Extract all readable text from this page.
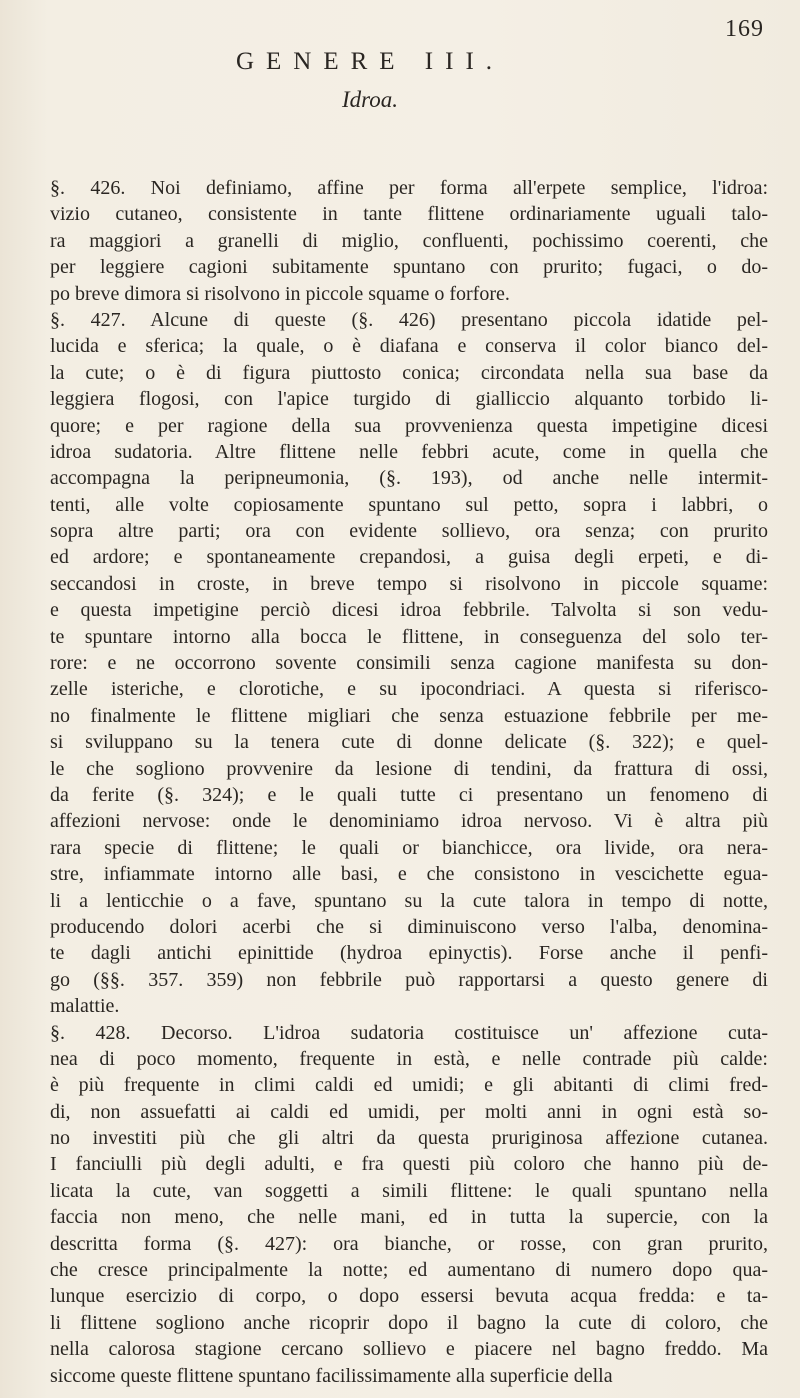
169
GENERE III.
Idroa.
§. 426. Noi definiamo, affine per forma all'erpete semplice, l'idroa:
vizio cutaneo, consistente in tante flittene ordinariamente uguali talo-
ra maggiori a granelli di miglio, confluenti, pochissimo coerenti, che
per leggiere cagioni subitamente spuntano con prurito; fugaci, o do-
po breve dimora si risolvono in piccole squame o forfore.
§. 427. Alcune di queste (§. 426) presentano piccola idatide pel-
lucida e sferica; la quale, o è diafana e conserva il color bianco del-
la cute; o è di figura piuttosto conica; circondata nella sua base da
leggiera flogosi, con l'apice turgido di gialliccio alquanto torbido li-
quore; e per ragione della sua provvenienza questa impetigine dicesi
idroa sudatoria. Altre flittene nelle febbri acute, come in quella che
accompagna la peripneumonia, (§. 193), od anche nelle intermit-
tenti, alle volte copiosamente spuntano sul petto, sopra i labbri, o
sopra altre parti; ora con evidente sollievo, ora senza; con prurito
ed ardore; e spontaneamente crepandosi, a guisa degli erpeti, e di-
seccandosi in croste, in breve tempo si risolvono in piccole squame:
e questa impetigine perciò dicesi idroa febbrile. Talvolta si son vedu-
te spuntare intorno alla bocca le flittene, in conseguenza del solo ter-
rore: e ne occorrono sovente consimili senza cagione manifesta su don-
zelle isteriche, e clorotiche, e su ipocondriaci. A questa si riferisco-
no finalmente le flittene migliari che senza estuazione febbrile per me-
si sviluppano su la tenera cute di donne delicate (§. 322); e quel-
le che sogliono provvenire da lesione di tendini, da frattura di ossi,
da ferite (§. 324); e le quali tutte ci presentano un fenomeno di
affezioni nervose: onde le denominiamo idroa nervoso. Vi è altra più
rara specie di flittene; le quali or bianchicce, ora livide, ora nera-
stre, infiammate intorno alle basi, e che consistono in vescichette egua-
li a lenticchie o a fave, spuntano su la cute talora in tempo di notte,
producendo dolori acerbi che si diminuiscono verso l'alba, denomina-
te dagli antichi epinittide (hydroa epinyctis). Forse anche il penfi-
go (§§. 357. 359) non febbrile può rapportarsi a questo genere di
malattie.
§. 428. Decorso. L'idroa sudatoria costituisce un' affezione cuta-
nea di poco momento, frequente in està, e nelle contrade più calde:
è più frequente in climi caldi ed umidi; e gli abitanti di climi fred-
di, non assuefatti ai caldi ed umidi, per molti anni in ogni està so-
no investiti più che gli altri da questa pruriginosa affezione cutanea.
I fanciulli più degli adulti, e fra questi più coloro che hanno più de-
licata la cute, van soggetti a simili flittene: le quali spuntano nella
faccia non meno, che nelle mani, ed in tutta la supercie, con la
descritta forma (§. 427): ora bianche, or rosse, con gran prurito,
che cresce principalmente la notte; ed aumentano di numero dopo qua-
lunque esercizio di corpo, o dopo essersi bevuta acqua fredda: e ta-
li flittene sogliono anche ricoprir dopo il bagno la cute di coloro, che
nella calorosa stagione cercano sollievo e piacere nel bagno freddo. Ma
siccome queste flittene spuntano facilissimamente alla superficie della
